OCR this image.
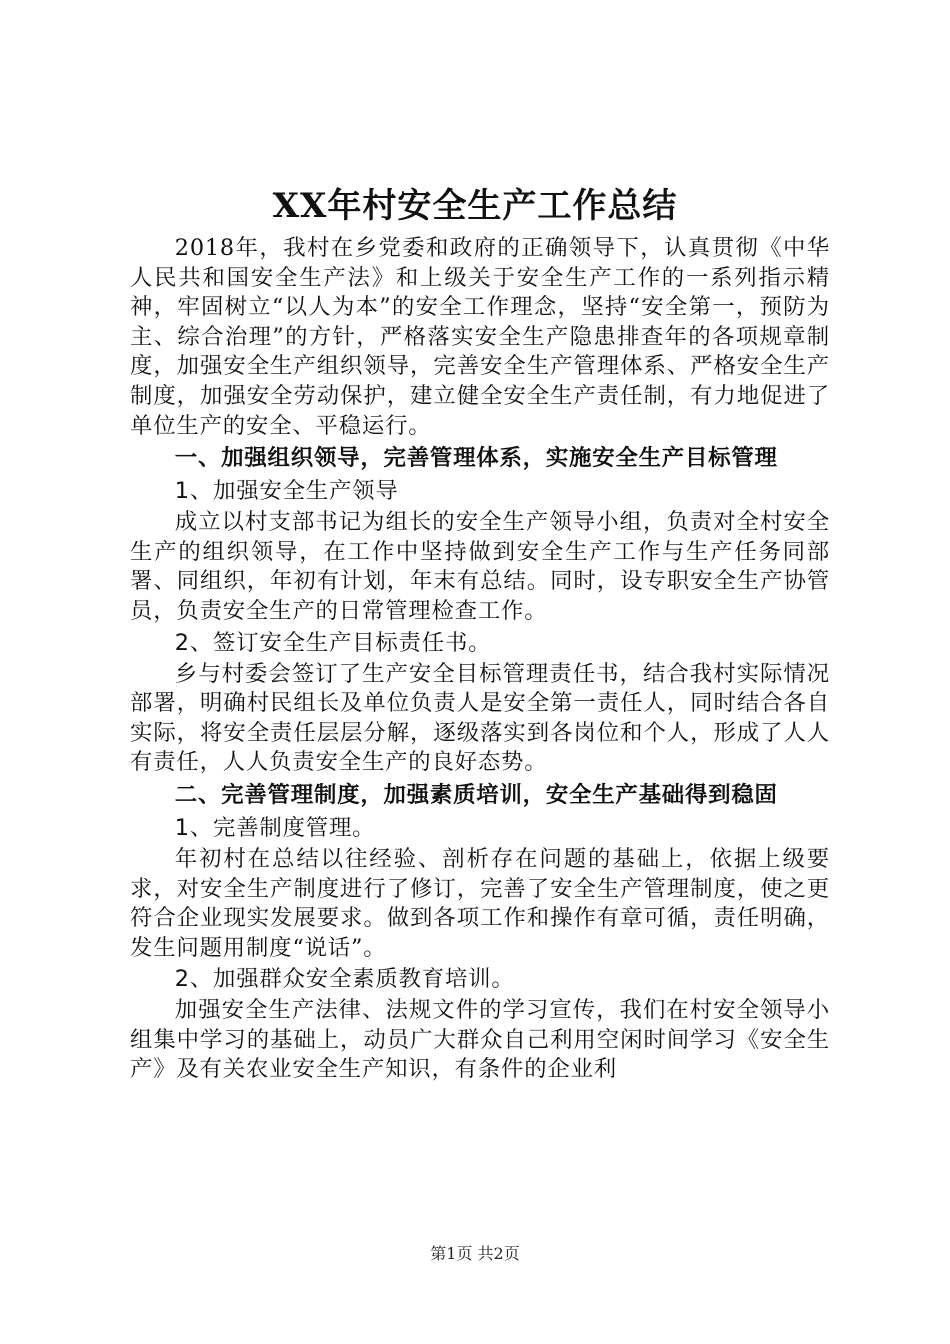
XX年村安全生产工作总结

2018年，我村在乡党委和政府的正确领导下，认真贯彻《中华人民共和国安全生产法》和上级关于安全生产工作的一系列指示精神，牢固树立“以人为本”的安全工作理念，坚持“安全第一，预防为主、综合治理”的方针，严格落实安全生产隐患排查年的各项规章制度，加强安全生产组织领导，完善安全生产管理体系、严格安全生产制度，加强安全劳动保护，建立健全安全生产责任制，有力地促进了单位生产的安全、平稳运行。

一、加强组织领导，完善管理体系，实施安全生产目标管理

1、加强安全生产领导

成立以村支部书记为组长的安全生产领导小组，负责对全村安全生产的组织领导，在工作中坚持做到安全生产工作与生产任务同部署、同组织，年初有计划，年末有总结。同时，设专职安全生产协管员，负责安全生产的日常管理检查工作。

2、签订安全生产目标责任书。

乡与村委会签订了生产安全目标管理责任书，结合我村实际情况部署，明确村民组长及单位负责人是安全第一责任人，同时结合各自实际，将安全责任层层分解，逐级落实到各岗位和个人，形成了人人有责任，人人负责安全生产的良好态势。

二、完善管理制度，加强素质培训，安全生产基础得到稳固

1、完善制度管理。

年初村在总结以往经验、剖析存在问题的基础上，依据上级要求，对安全生产制度进行了修订，完善了安全生产管理制度，使之更符合企业现实发展要求。做到各项工作和操作有章可循，责任明确，发生问题用制度“说话”。

2、加强群众安全素质教育培训。

加强安全生产法律、法规文件的学习宣传，我们在村安全领导小组集中学习的基础上，动员广大群众自己利用空闲时间学习《安全生产》及有关农业安全生产知识，有条件的企业利

第1页 共2页
